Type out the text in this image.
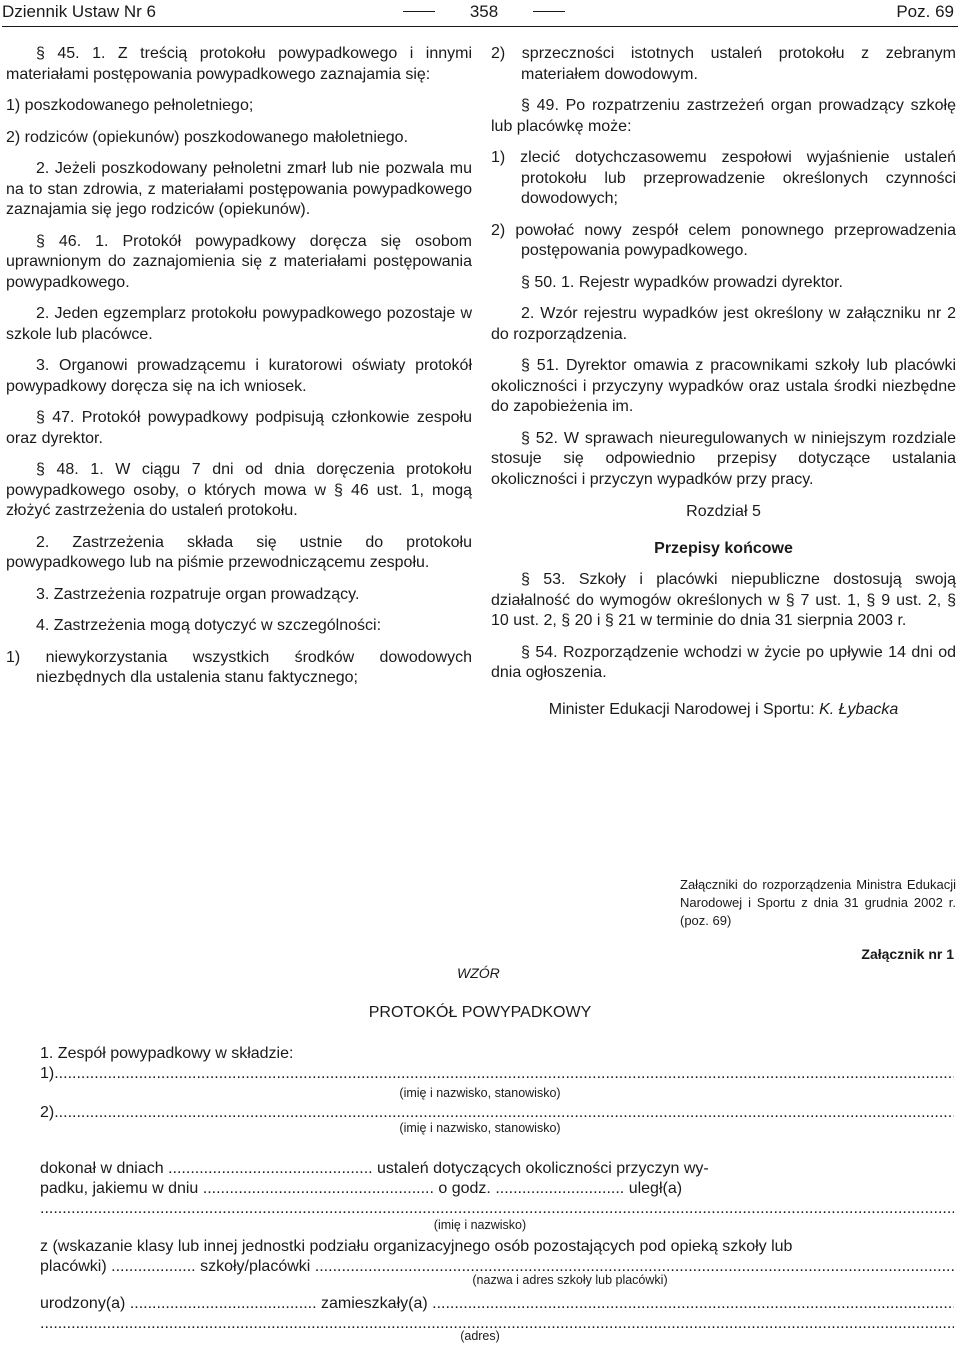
Dziennik Ustaw Nr 6	358	Poz. 69

§ 45. 1. Z treścią protokołu powypadkowego i innymi materiałami postępowania powypadkowego zaznajamia się:

1) poszkodowanego pełnoletniego;

2) rodziców (opiekunów) poszkodowanego małoletniego.

2. Jeżeli poszkodowany pełnoletni zmarł lub nie pozwala mu na to stan zdrowia, z materiałami postępowania powypadkowego zaznajamia się jego rodziców (opiekunów).

§ 46. 1. Protokół powypadkowy doręcza się osobom uprawnionym do zaznajomienia się z materiałami postępowania powypadkowego.

2. Jeden egzemplarz protokołu powypadkowego pozostaje w szkole lub placówce.

3. Organowi prowadzącemu i kuratorowi oświaty protokół powypadkowy doręcza się na ich wniosek.

§ 47. Protokół powypadkowy podpisują członkowie zespołu oraz dyrektor.

§ 48. 1. W ciągu 7 dni od dnia doręczenia protokołu powypadkowego osoby, o których mowa w § 46 ust. 1, mogą złożyć zastrzeżenia do ustaleń protokołu.

2. Zastrzeżenia składa się ustnie do protokołu powypadkowego lub na piśmie przewodniczącemu zespołu.

3. Zastrzeżenia rozpatruje organ prowadzący.

4. Zastrzeżenia mogą dotyczyć w szczególności:

1) niewykorzystania wszystkich środków dowodowych niezbędnych dla ustalenia stanu faktycznego;

2) sprzeczności istotnych ustaleń protokołu z zebranym materiałem dowodowym.

§ 49. Po rozpatrzeniu zastrzeżeń organ prowadzący szkołę lub placówkę może:

1) zlecić dotychczasowemu zespołowi wyjaśnienie ustaleń protokołu lub przeprowadzenie określonych czynności dowodowych;

2) powołać nowy zespół celem ponownego przeprowadzenia postępowania powypadkowego.

§ 50. 1. Rejestr wypadków prowadzi dyrektor.

2. Wzór rejestru wypadków jest określony w załączniku nr 2 do rozporządzenia.

§ 51. Dyrektor omawia z pracownikami szkoły lub placówki okoliczności i przyczyny wypadków oraz ustala środki niezbędne do zapobieżenia im.

§ 52. W sprawach nieuregulowanych w niniejszym rozdziale stosuje się odpowiednio przepisy dotyczące ustalania okoliczności i przyczyn wypadków przy pracy.

Rozdział 5

Przepisy końcowe

§ 53. Szkoły i placówki niepubliczne dostosują swoją działalność do wymogów określonych w § 7 ust. 1, § 9 ust. 2, § 10 ust. 2, § 20 i § 21 w terminie do dnia 31 sierpnia 2003 r.

§ 54. Rozporządzenie wchodzi w życie po upływie 14 dni od dnia ogłoszenia.

Minister Edukacji Narodowej i Sportu: K. Łybacka

Załączniki do rozporządzenia Ministra Edukacji Narodowej i Sportu z dnia 31 grudnia 2002 r. (poz. 69)
Załącznik nr 1
WZÓR
PROTOKÓŁ POWYPADKOWY
1. Zespół powypadkowy w składzie:
1) .....
(imię i nazwisko, stanowisko)
2) .....
(imię i nazwisko, stanowisko)
dokonał w dniach .............................................. ustaleń dotyczących okoliczności przyczyn wy-
padku, jakiemu w dniu .................................................... o godz. ............................. uległ(a)
.....
(imię i nazwisko)
z (wskazanie klasy lub innej jednostki podziału organizacyjnego osób pozostających pod opieką szkoły lub
placówki) ................... szkoły/placówki .....
(nazwa i adres szkoły lub placówki)
urodzony(a) .......................................... zamieszkały(a) .....
.....
(adres)
